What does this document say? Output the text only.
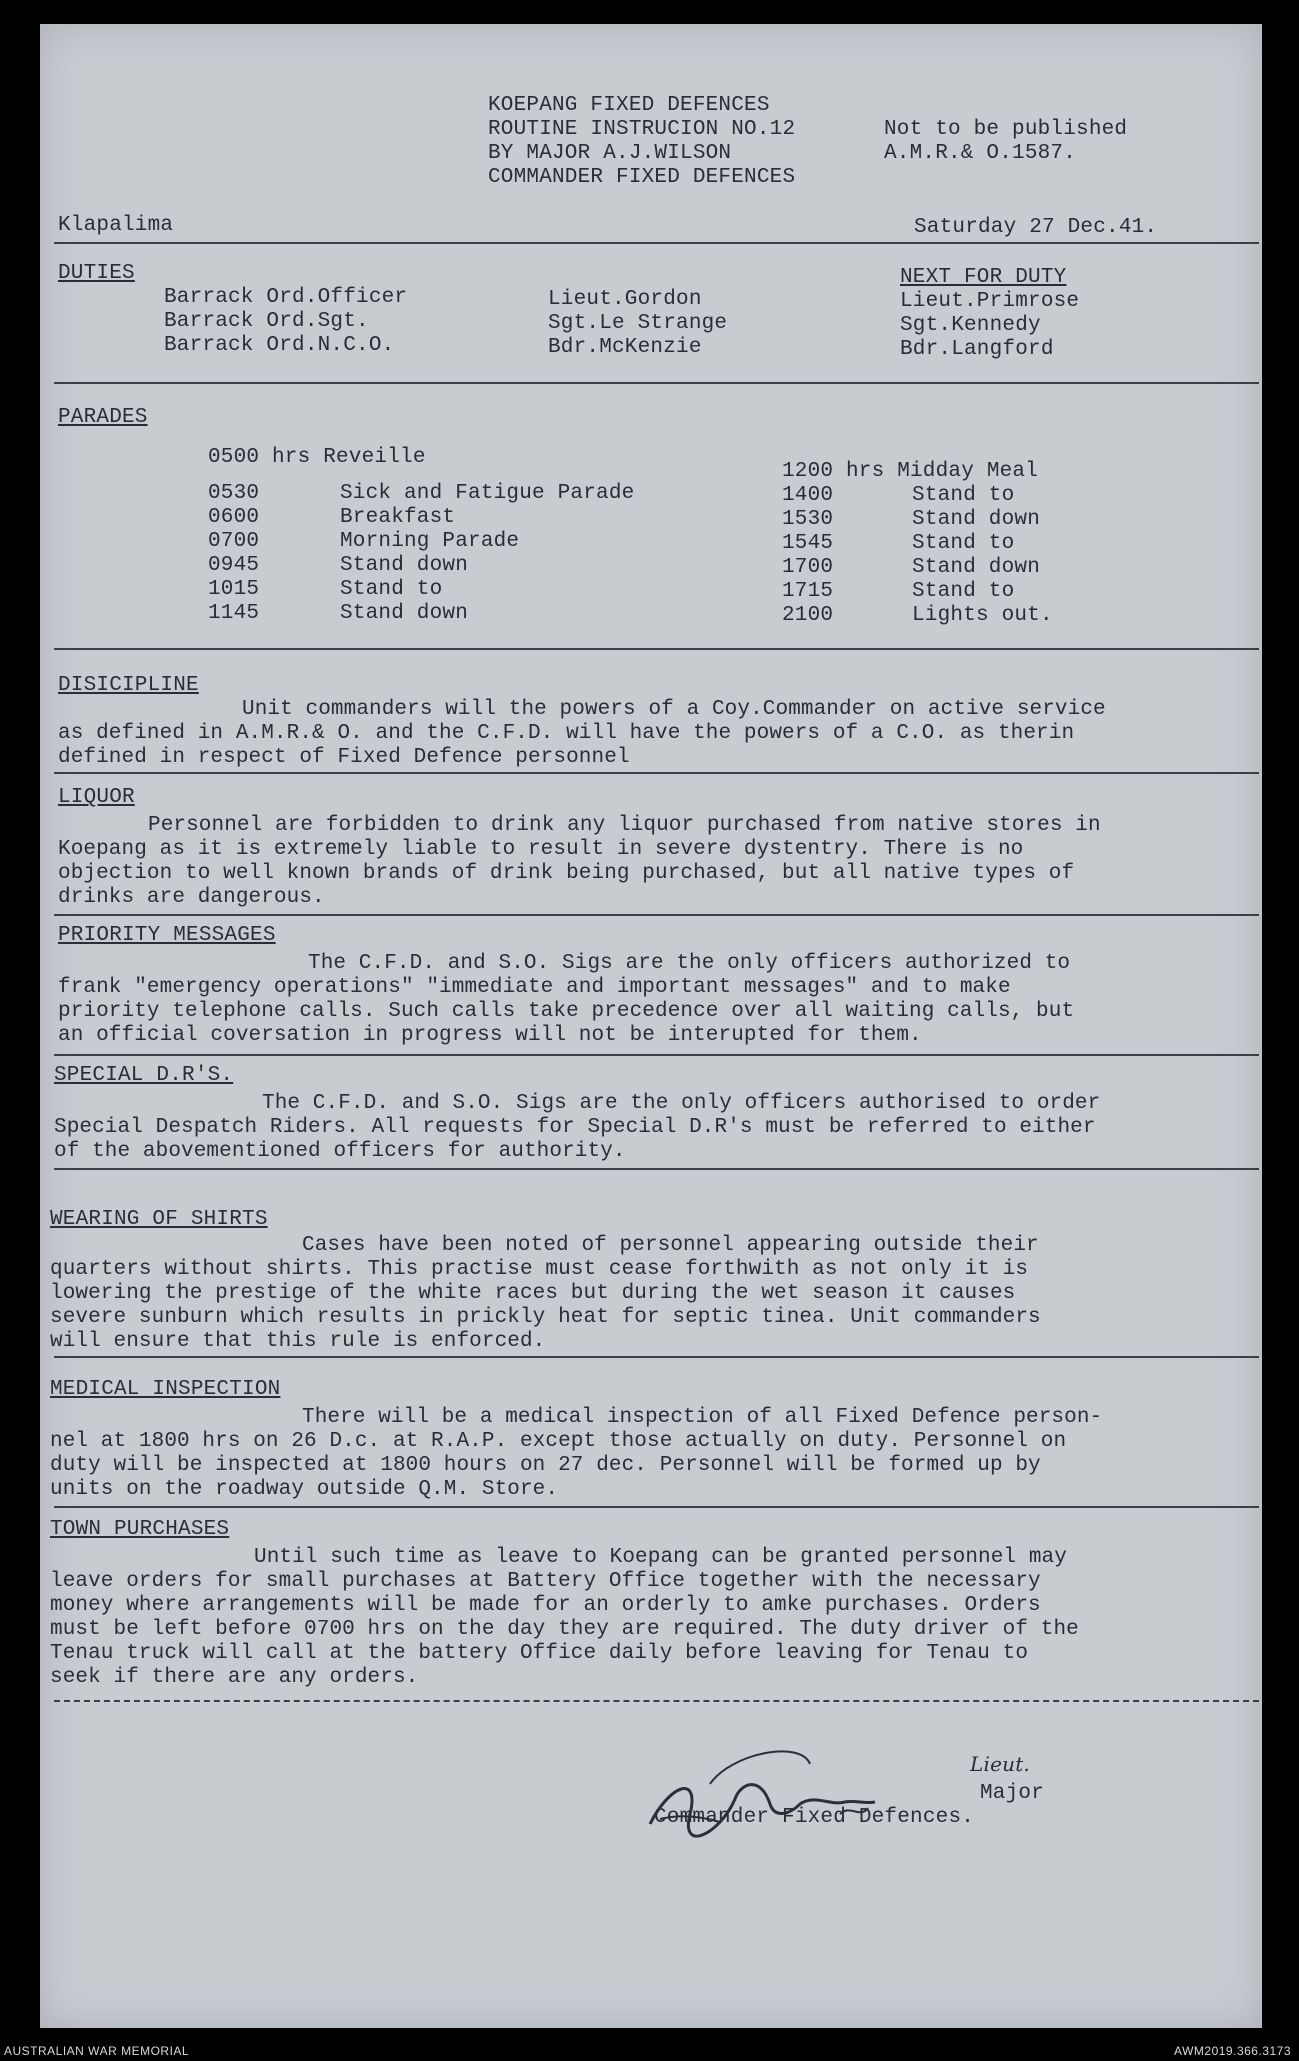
KOEPANG FIXED DEFENCES
ROUTINE INSTRUCION NO.12
BY MAJOR A.J.WILSON
COMMANDER FIXED DEFENCES
Not to be published
A.M.R.& O.1587.
Klapalima	Saturday 27 Dec.41.
DUTIES	NEXT FOR DUTY
Barrack Ord.Officer	Lieut.Gordon	Lieut.Primrose
Barrack Ord.Sgt.	Sgt.Le Strange	Sgt.Kennedy
Barrack Ord.N.C.O.	Bdr.McKenzie	Bdr.Langford
PARADES
0500 hrs Reveille
0530	Sick and Fatigue Parade
0600	Breakfast
0700	Morning Parade
0945	Stand down
1015	Stand to
1145	Stand down
1200 hrs Midday Meal
1400	Stand to
1530	Stand down
1545	Stand to
1700	Stand down
1715	Stand to
2100	Lights out.
DISICIPLINE
Unit commanders will the powers of a Coy.Commander on active service
as defined in A.M.R.& O. and the C.F.D. will have the powers of a C.O. as therin
defined in respect of Fixed Defence personnel
LIQUOR
Personnel are forbidden to drink any liquor purchased from native stores in
Koepang as it is extremely liable to result in severe dystentry. There is no
objection to well known brands of drink being purchased, but all native types of
drinks are dangerous.
PRIORITY MESSAGES
The C.F.D. and S.O. Sigs are the only officers authorized to
frank "emergency operations" "immediate and important messages" and to make
priority telephone calls. Such calls take precedence over all waiting calls, but
an official coversation in progress will not be interupted for them.
SPECIAL D.R'S.
The C.F.D. and S.O. Sigs are the only officers authorised to order
Special Despatch Riders. All requests for Special D.R's must be referred to either
of the abovementioned officers for authority.
WEARING OF SHIRTS
Cases have been noted of personnel appearing outside their
quarters without shirts. This practise must cease forthwith as not only it is
lowering the prestige of the white races but during the wet season it causes
severe sunburn which results in prickly heat for septic tinea. Unit commanders
will ensure that this rule is enforced.
MEDICAL INSPECTION
There will be a medical inspection of all Fixed Defence person-
nel at 1800 hrs on 26 D.c. at R.A.P. except those actually on duty. Personnel on
duty will be inspected at 1800 hours on 27 dec. Personnel will be formed up by
units on the roadway outside Q.M. Store.
TOWN PURCHASES
Until such time as leave to Koepang can be granted personnel may
leave orders for small purchases at Battery Office together with the necessary
money where arrangements will be made for an orderly to amke purchases. Orders
must be left before 0700 hrs on the day they are required. The duty driver of the
Tenau truck will call at the battery Office daily before leaving for Tenau to
seek if there are any orders.
Lieut.
Major
Commander Fixed Defences.
AUSTRALIAN WAR MEMORIAL	AWM2019.366.3173
